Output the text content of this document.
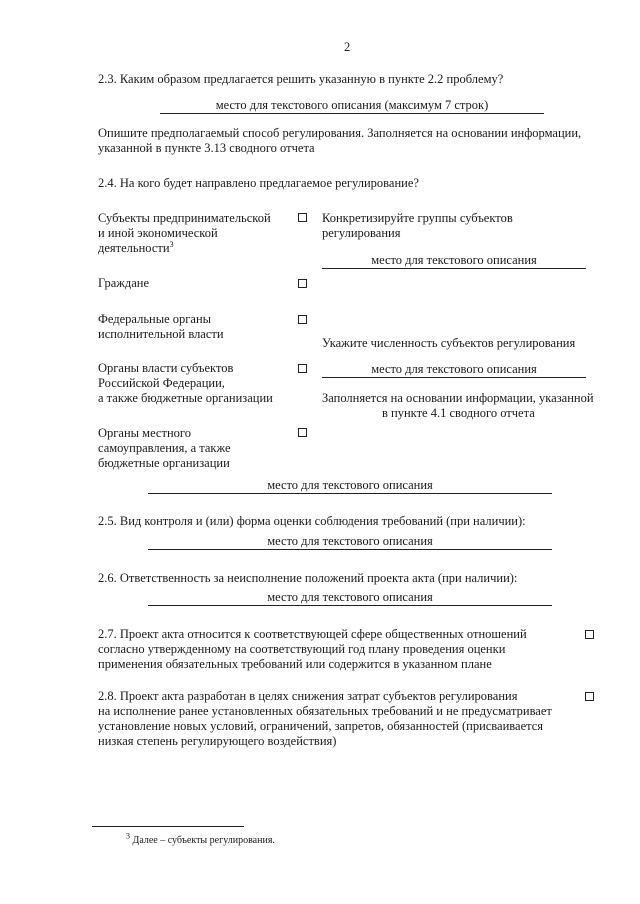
2
2.3. Каким образом предлагается решить указанную в пункте 2.2 проблему?
место для текстового описания (максимум 7 строк)
Опишите предполагаемый способ регулирования. Заполняется на основании информации,
указанной в пункте 3.13 сводного отчета
2.4. На кого будет направлено предлагаемое регулирование?
Субъекты предпринимательской
и иной экономической
деятельности$^3$
Конкретизируйте группы субъектов
регулирования
место для текстового описания
Граждане
Федеральные органы
исполнительной власти
Укажите численность субъектов регулирования
Органы власти субъектов
Российской Федерации,
а также бюджетные организации
место для текстового описания
Заполняется на основании информации, указанной
в пункте 4.1 сводного отчета
Органы местного
самоуправления, а также
бюджетные организации
место для текстового описания
2.5. Вид контроля и (или) форма оценки соблюдения требований (при наличии):
место для текстового описания
2.6. Ответственность за неисполнение положений проекта акта (при наличии):
место для текстового описания
2.7. Проект акта относится к соответствующей сфере общественных отношений
согласно утвержденному на соответствующий год плану проведения оценки
применения обязательных требований или содержится в указанном плане
2.8. Проект акта разработан в целях снижения затрат субъектов регулирования
на исполнение ранее установленных обязательных требований и не предусматривает
установление новых условий, ограничений, запретов, обязанностей (присваивается
низкая степень регулирующего воздействия)
$^3$ Далее – субъекты регулирования.
